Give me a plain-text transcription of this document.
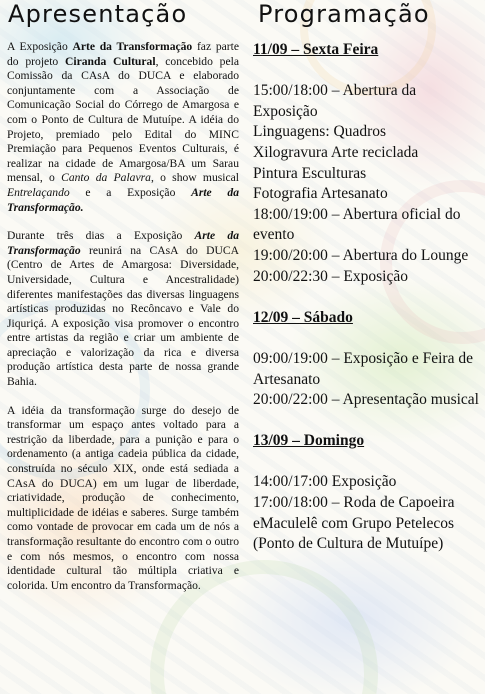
Apresentação	Programação

A Exposição Arte da Transformação faz parte do projeto Ciranda Cultural, concebido pela Comissão da CAsA do DUCA e elaborado conjuntamente com a Associação de Comunicação Social do Córrego de Amargosa e com o Ponto de Cultura de Mutuípe. A idéia do Projeto, premiado pelo Edital do MINC Premiação para Pequenos Eventos Culturais, é realizar na cidade de Amargosa/BA um Sarau mensal, o Canto da Palavra, o show musical Entrelaçando e a Exposição Arte da Transformação.

Durante três dias a Exposição Arte da Transformação reunirá na CAsA do DUCA (Centro de Artes de Amargosa: Diversidade, Universidade, Cultura e Ancestralidade) diferentes manifestações das diversas linguagens artísticas produzidas no Recôncavo e Vale do Jiquriçá. A exposição visa promover o encontro entre artistas da região e criar um ambiente de apreciação e valorização da rica e diversa produção artística desta parte de nossa grande Bahia.

A idéia da transformação surge do desejo de transformar um espaço antes voltado para a restrição da liberdade, para a punição e para o ordenamento (a antiga cadeia pública da cidade, construída no século XIX, onde está sediada a CAsA do DUCA) em um lugar de liberdade, criatividade, produção de conhecimento, multiplicidade de idéias e saberes. Surge também como vontade de provocar em cada um de nós a transformação resultante do encontro com o outro e com nós mesmos, o encontro com nossa identidade cultural tão múltipla criativa e colorida. Um encontro da Transformação.

11/09 – Sexta Feira

15:00/18:00 – Abertura da Exposição

Linguagens: Quadros

Xilogravura Arte reciclada

Pintura Esculturas

Fotografia Artesanato

18:00/19:00 – Abertura oficial do evento

19:00/20:00 – Abertura do Lounge

20:00/22:30 – Exposição

12/09 – Sábado

09:00/19:00 – Exposição e Feira de Artesanato

20:00/22:00 – Apresentação musical

13/09 – Domingo

14:00/17:00 Exposição

17:00/18:00 – Roda de Capoeira eMaculelê com Grupo Petelecos (Ponto de Cultura de Mutuípe)
